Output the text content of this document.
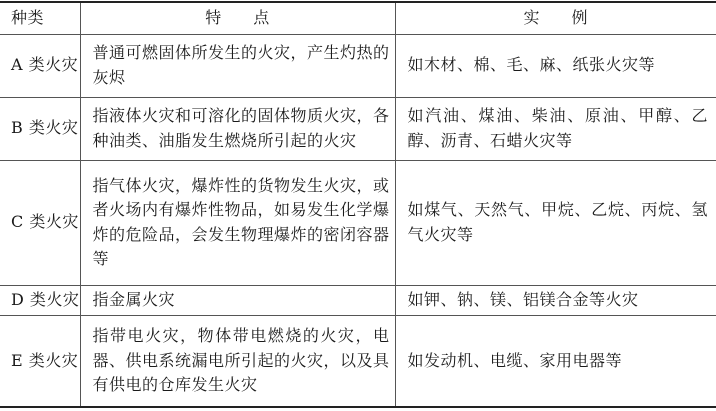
种类	特 点	实 例
A 类火灾	普通可燃固体所发生的火灾，产生灼热的灰烬	如木材、棉、毛、麻、纸张火灾等
B 类火灾	指液体火灾和可溶化的固体物质火灾，各种油类、油脂发生燃烧所引起的火灾	如汽油、煤油、柴油、原油、甲醇、乙醇、沥青、石蜡火灾等
C 类火灾	指气体火灾，爆炸性的货物发生火灾，或者火场内有爆炸性物品，如易发生化学爆炸的危险品，会发生物理爆炸的密闭容器等	如煤气、天然气、甲烷、乙烷、丙烷、氢气火灾等
D 类火灾	指金属火灾	如钾、钠、镁、铝镁合金等火灾
E 类火灾	指带电火灾，物体带电燃烧的火灾，电器、供电系统漏电所引起的火灾，以及具有供电的仓库发生火灾	如发动机、电缆、家用电器等
